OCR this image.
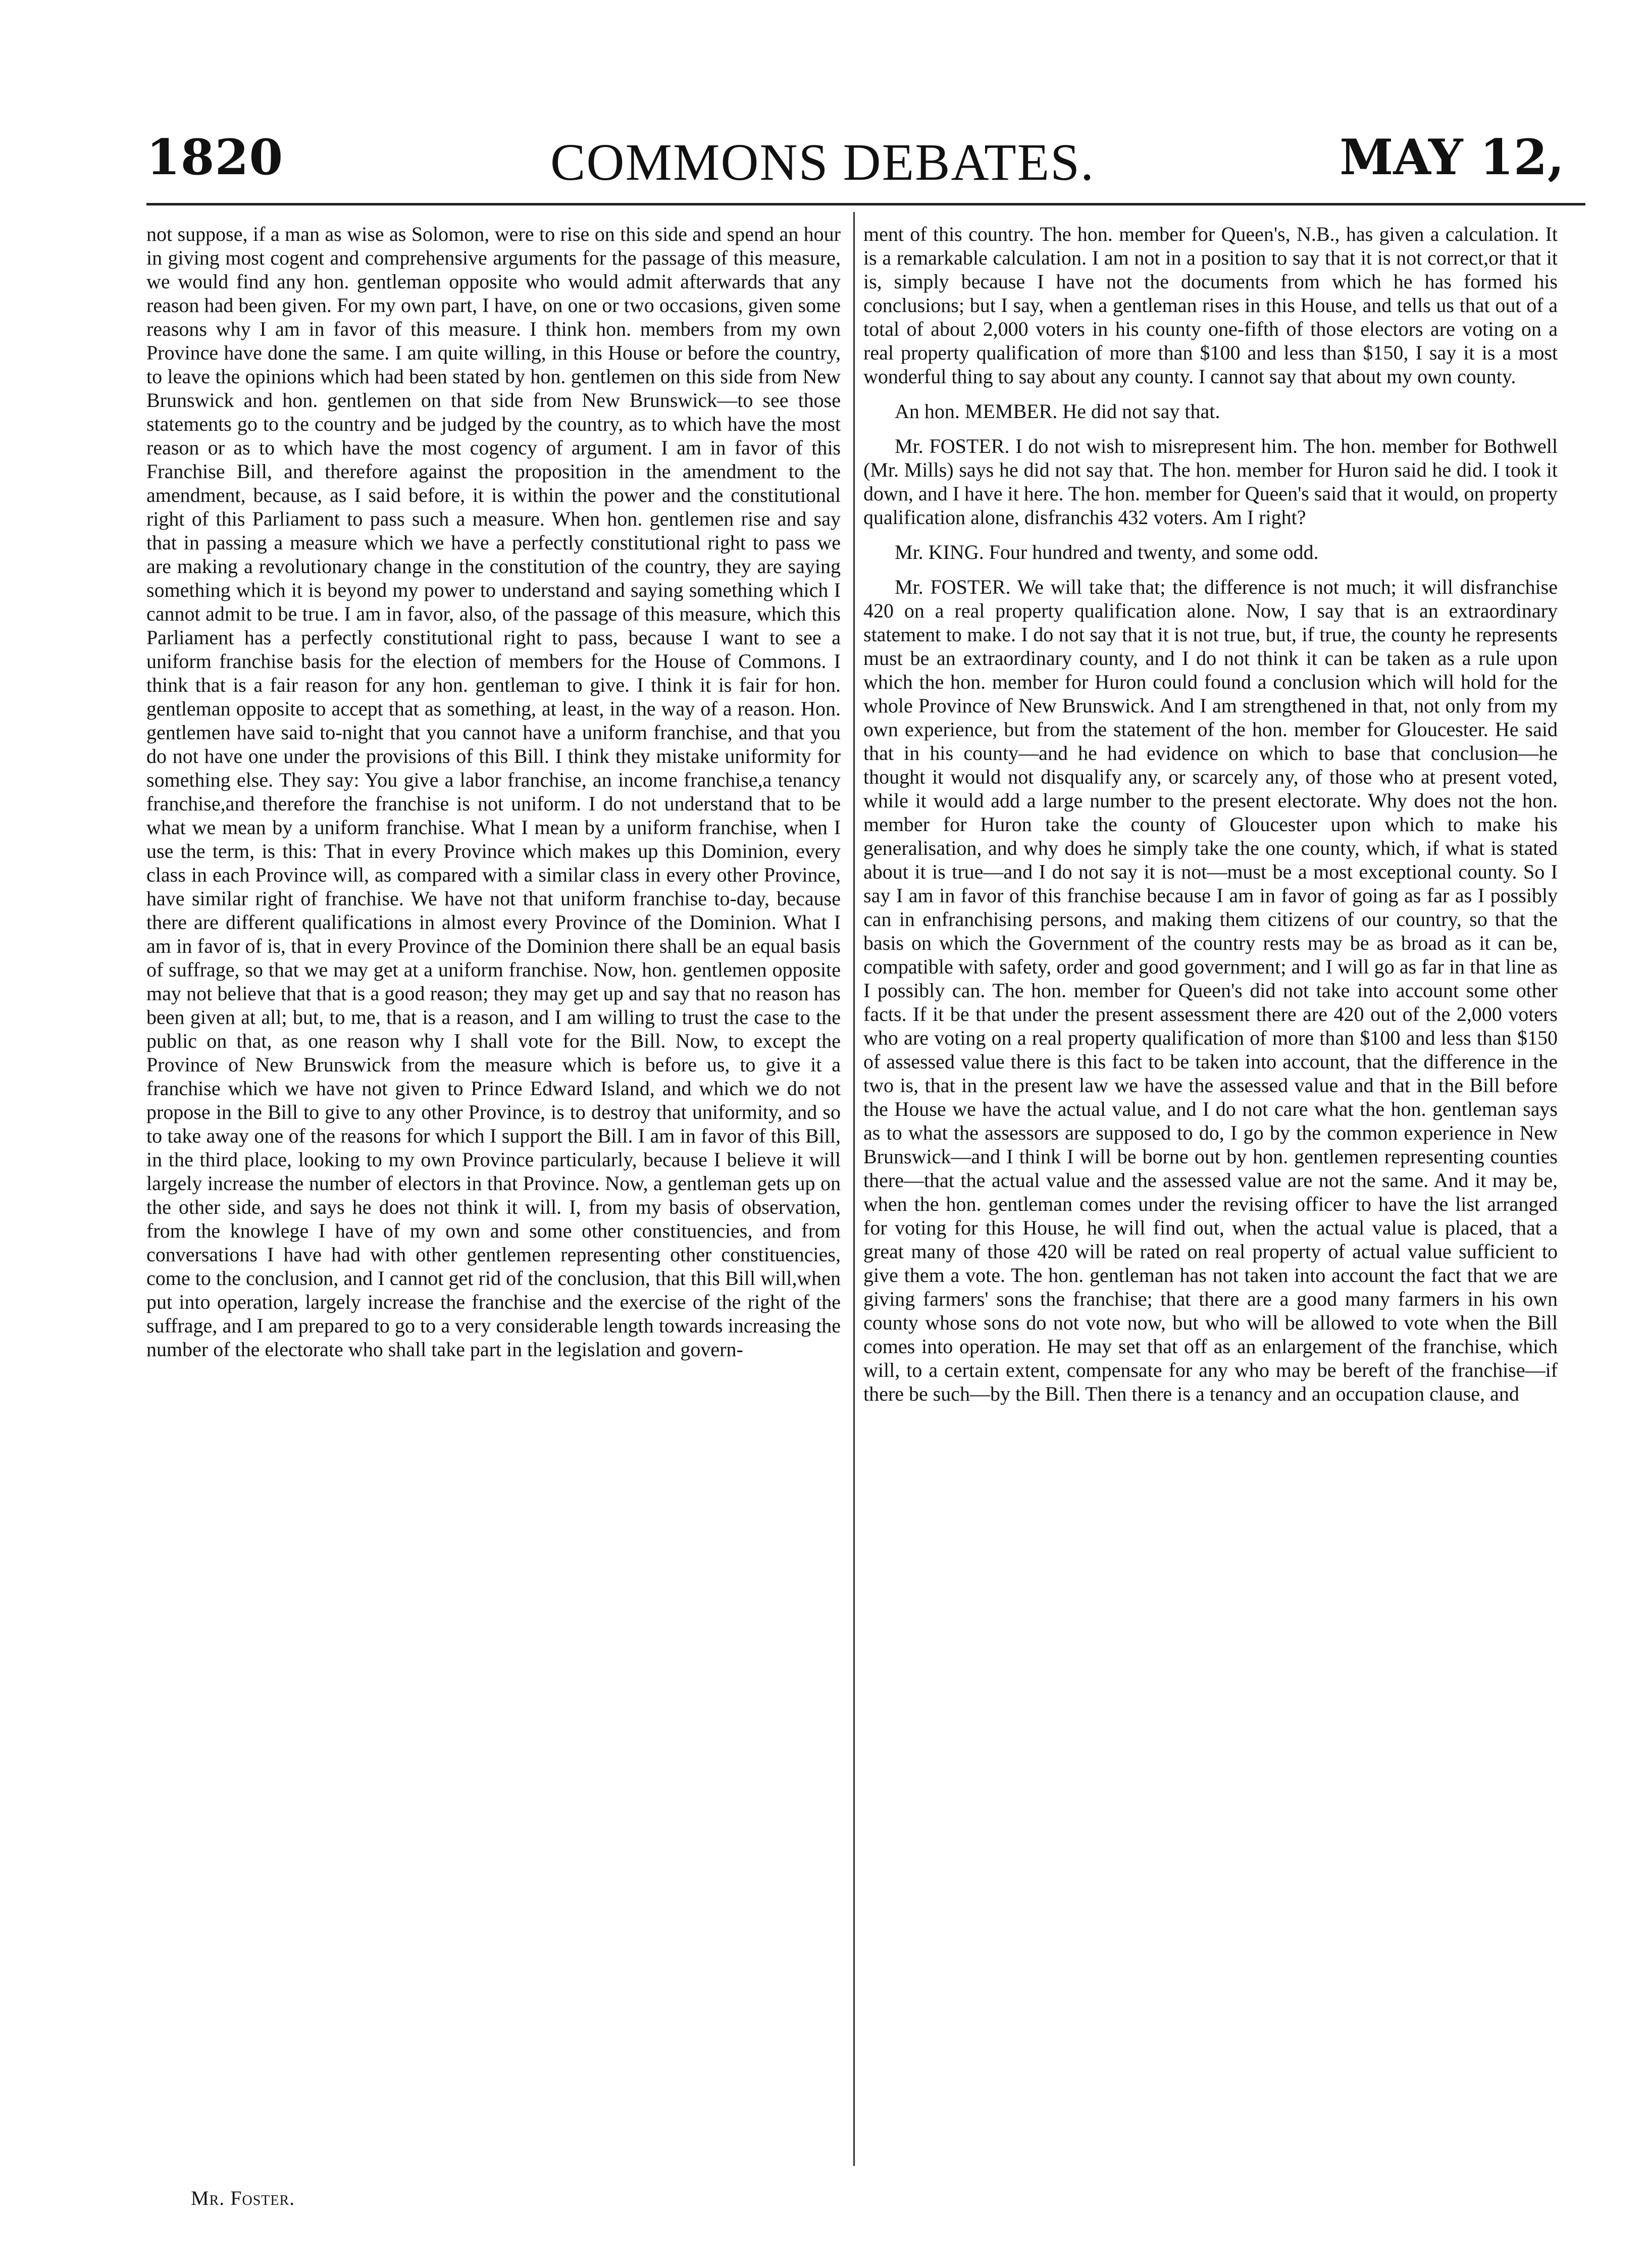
1820	COMMONS DEBATES.	MAY 12,

not suppose, if a man as wise as Solomon, were to rise on this side and spend an hour in giving most cogent and comprehensive arguments for the passage of this measure, we would find any hon. gentleman opposite who would admit afterwards that any reason had been given. For my own part, I have, on one or two occasions, given some reasons why I am in favor of this measure. I think hon. members from my own Province have done the same. I am quite willing, in this House or before the country, to leave the opinions which had been stated by hon. gentlemen on this side from New Brunswick and hon. gentlemen on that side from New Brunswick—to see those statements go to the country and be judged by the country, as to which have the most reason or as to which have the most cogency of argument. I am in favor of this Franchise Bill, and therefore against the proposition in the amendment to the amendment, because, as I said before, it is within the power and the constitutional right of this Parliament to pass such a measure. When hon. gentlemen rise and say that in passing a measure which we have a perfectly constitutional right to pass we are making a revolutionary change in the constitution of the country, they are saying something which it is beyond my power to understand and saying something which I cannot admit to be true. I am in favor, also, of the passage of this measure, which this Parliament has a perfectly constitutional right to pass, because I want to see a uniform franchise basis for the election of members for the House of Commons. I think that is a fair reason for any hon. gentleman to give. I think it is fair for hon. gentleman opposite to accept that as something, at least, in the way of a reason. Hon. gentlemen have said to-night that you cannot have a uniform franchise, and that you do not have one under the provisions of this Bill. I think they mistake uniformity for something else. They say: You give a labor franchise, an income franchise,a tenancy franchise,and therefore the franchise is not uniform. I do not understand that to be what we mean by a uniform franchise. What I mean by a uniform franchise, when I use the term, is this: That in every Province which makes up this Dominion, every class in each Province will, as compared with a similar class in every other Province, have similar right of franchise. We have not that uniform franchise to-day, because there are different qualifications in almost every Province of the Dominion. What I am in favor of is, that in every Province of the Dominion there shall be an equal basis of suffrage, so that we may get at a uniform franchise. Now, hon. gentlemen opposite may not believe that that is a good reason; they may get up and say that no reason has been given at all; but, to me, that is a reason, and I am willing to trust the case to the public on that, as one reason why I shall vote for the Bill. Now, to except the Province of New Brunswick from the measure which is before us, to give it a franchise which we have not given to Prince Edward Island, and which we do not propose in the Bill to give to any other Province, is to destroy that uniformity, and so to take away one of the reasons for which I support the Bill. I am in favor of this Bill, in the third place, looking to my own Province particularly, because I believe it will largely increase the number of electors in that Province. Now, a gentleman gets up on the other side, and says he does not think it will. I, from my basis of observation, from the knowlege I have of my own and some other constituencies, and from conversations I have had with other gentlemen representing other constituencies, come to the conclusion, and I cannot get rid of the conclusion, that this Bill will,when put into operation, largely increase the franchise and the exercise of the right of the suffrage, and I am prepared to go to a very considerable length towards increasing the number of the electorate who shall take part in the legislation and govern-

ment of this country. The hon. member for Queen's, N.B., has given a calculation. It is a remarkable calculation. I am not in a position to say that it is not correct,or that it is, simply because I have not the documents from which he has formed his conclusions; but I say, when a gentleman rises in this House, and tells us that out of a total of about 2,000 voters in his county one-fifth of those electors are voting on a real property qualification of more than $100 and less than $150, I say it is a most wonderful thing to say about any county. I cannot say that about my own county.

An hon. MEMBER. He did not say that.

Mr. FOSTER. I do not wish to misrepresent him. The hon. member for Bothwell (Mr. Mills) says he did not say that. The hon. member for Huron said he did. I took it down, and I have it here. The hon. member for Queen's said that it would, on property qualification alone, disfranchis 432 voters. Am I right?

Mr. KING. Four hundred and twenty, and some odd.

Mr. FOSTER. We will take that; the difference is not much; it will disfranchise 420 on a real property qualification alone. Now, I say that is an extraordinary statement to make. I do not say that it is not true, but, if true, the county he represents must be an extraordinary county, and I do not think it can be taken as a rule upon which the hon. member for Huron could found a conclusion which will hold for the whole Province of New Brunswick. And I am strengthened in that, not only from my own experience, but from the statement of the hon. member for Gloucester. He said that in his county—and he had evidence on which to base that conclusion—he thought it would not disqualify any, or scarcely any, of those who at present voted, while it would add a large number to the present electorate. Why does not the hon. member for Huron take the county of Gloucester upon which to make his generalisation, and why does he simply take the one county, which, if what is stated about it is true—and I do not say it is not—must be a most exceptional county. So I say I am in favor of this franchise because I am in favor of going as far as I possibly can in enfranchising persons, and making them citizens of our country, so that the basis on which the Government of the country rests may be as broad as it can be, compatible with safety, order and good government; and I will go as far in that line as I possibly can. The hon. member for Queen's did not take into account some other facts. If it be that under the present assessment there are 420 out of the 2,000 voters who are voting on a real property qualification of more than $100 and less than $150 of assessed value there is this fact to be taken into account, that the difference in the two is, that in the present law we have the assessed value and that in the Bill before the House we have the actual value, and I do not care what the hon. gentleman says as to what the assessors are supposed to do, I go by the common experience in New Brunswick—and I think I will be borne out by hon. gentlemen representing counties there—that the actual value and the assessed value are not the same. And it may be, when the hon. gentleman comes under the revising officer to have the list arranged for voting for this House, he will find out, when the actual value is placed, that a great many of those 420 will be rated on real property of actual value sufficient to give them a vote. The hon. gentleman has not taken into account the fact that we are giving farmers' sons the franchise; that there are a good many farmers in his own county whose sons do not vote now, but who will be allowed to vote when the Bill comes into operation. He may set that off as an enlargement of the franchise, which will, to a certain extent, compensate for any who may be bereft of the franchise—if there be such—by the Bill. Then there is a tenancy and an occupation clause, and

Mr. Foster.
